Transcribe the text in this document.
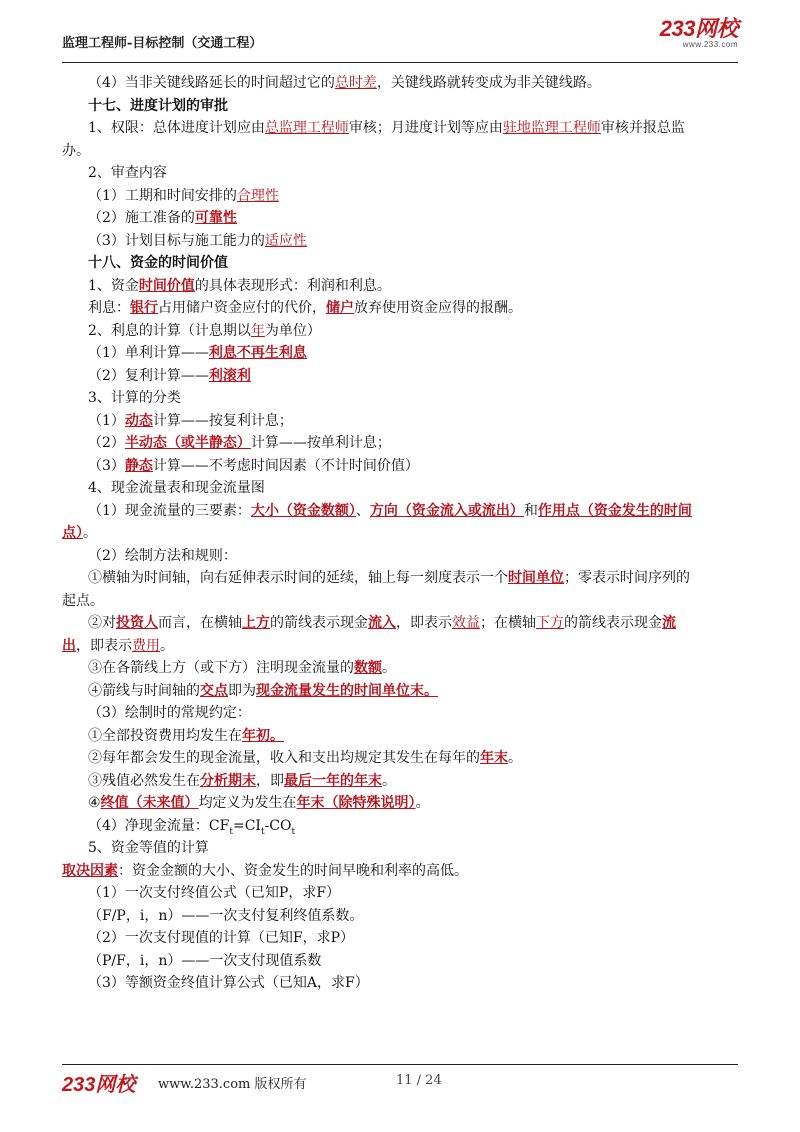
监理工程师-目标控制（交通工程）
233网校
www.233.com
（4）当非关键线路延长的时间超过它的总时差，关键线路就转变成为非关键线路。
十七、进度计划的审批
1、权限：总体进度计划应由总监理工程师审核；月进度计划等应由驻地监理工程师审核并报总监
办。
2、审查内容
（1）工期和时间安排的合理性
（2）施工准备的可靠性
（3）计划目标与施工能力的适应性
十八、资金的时间价值
1、资金时间价值的具体表现形式：利润和利息。
利息：银行占用储户资金应付的代价，储户放弃使用资金应得的报酬。
2、利息的计算（计息期以年为单位）
（1）单利计算——利息不再生利息
（2）复利计算——利滚利
3、计算的分类
（1）动态计算——按复利计息；
（2）半动态（或半静态）计算——按单利计息；
（3）静态计算——不考虑时间因素（不计时间价值）
4、现金流量表和现金流量图
（1）现金流量的三要素：大小（资金数额）、方向（资金流入或流出）和作用点（资金发生的时间
点）。
（2）绘制方法和规则：
①横轴为时间轴，向右延伸表示时间的延续，轴上每一刻度表示一个时间单位；零表示时间序列的
起点。
②对投资人而言，在横轴上方的箭线表示现金流入，即表示效益；在横轴下方的箭线表示现金流
出，即表示费用。
③在各箭线上方（或下方）注明现金流量的数额。
④箭线与时间轴的交点即为现金流量发生的时间单位末。
（3）绘制时的常规约定：
①全部投资费用均发生在年初。
②每年都会发生的现金流量，收入和支出均规定其发生在每年的年末。
③残值必然发生在分析期末，即最后一年的年末。
④终值（未来值）均定义为发生在年末（除特殊说明）。
（4）净现金流量：$CF_t=CI_t-CO_t$
5、资金等值的计算
取决因素：资金金额的大小、资金发生的时间早晚和利率的高低。
（1）一次支付终值公式（已知P，求F）
（F/P，i，n）——一次支付复利终值系数。
（2）一次支付现值的计算（已知F，求P）
（P/F，i，n）——一次支付现值系数
（3）等额资金终值计算公式（已知A，求F）
233网校 www.233.com 版权所有	11 / 24
